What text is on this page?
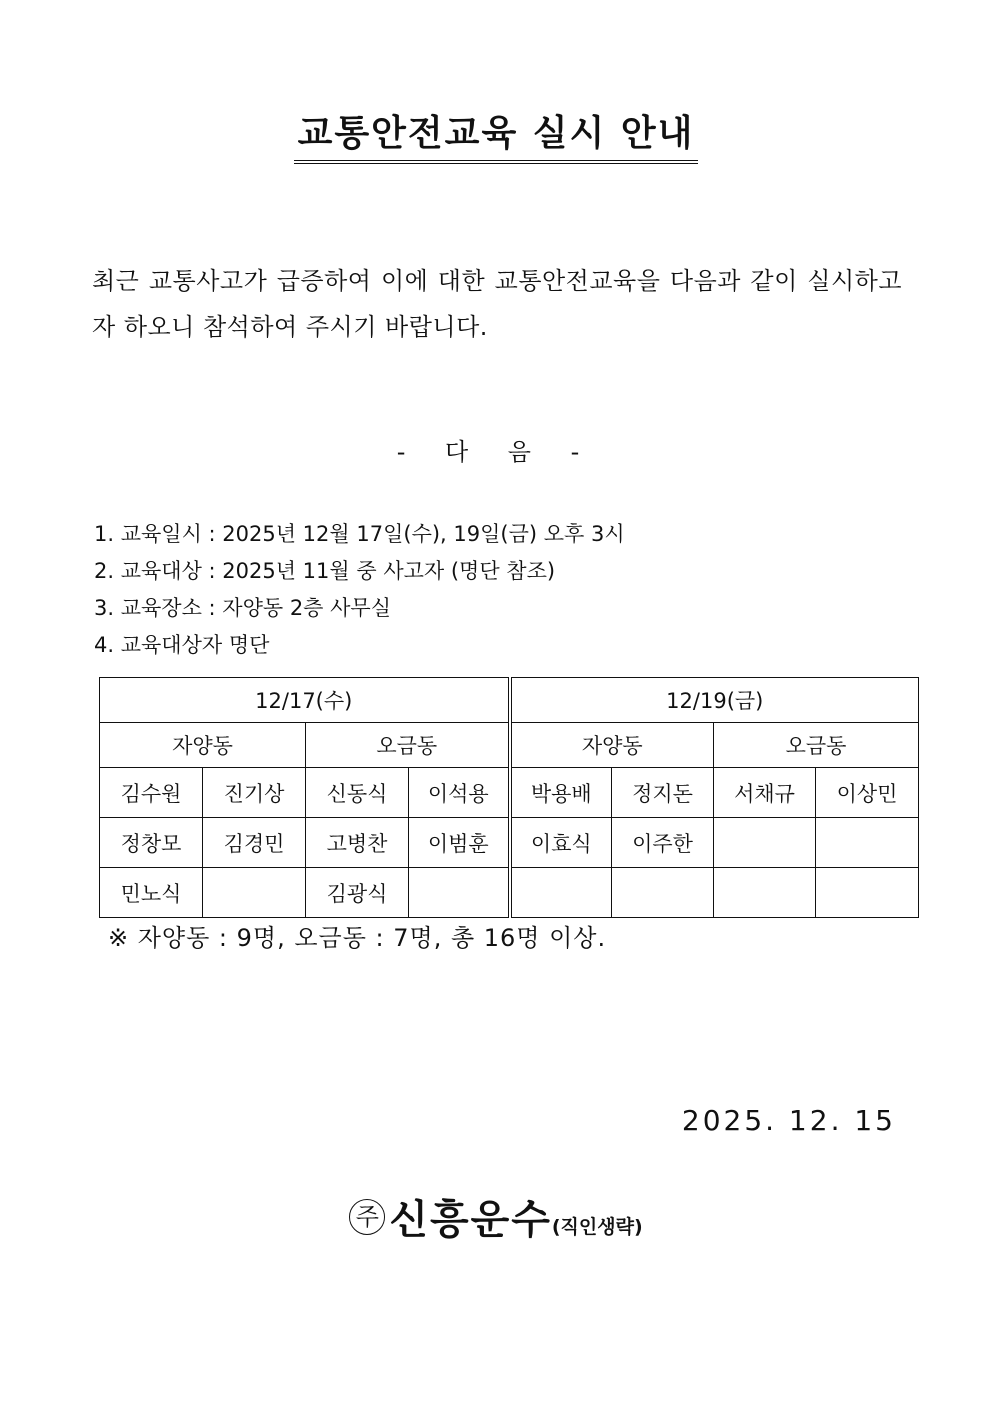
교통안전교육 실시 안내
최근 교통사고가 급증하여 이에 대한 교통안전교육을 다음과 같이 실시하고자 하오니 참석하여 주시기 바랍니다.
- 다 음 -
1. 교육일시 : 2025년 12월 17일(수), 19일(금) 오후 3시
2. 교육대상 : 2025년 11월 중 사고자 (명단 참조)
3. 교육장소 : 자양동 2층 사무실
4. 교육대상자 명단
12/17(수)				12/19(금)			
자양동		오금동		자양동		오금동	
김수원	진기상	신동식	이석용	박용배	정지돈	서채규	이상민
정창모	김경민	고병찬	이범훈	이효식	이주한		
민노식		김광식					
※ 자양동 : 9명, 오금동 : 7명, 총 16명 이상.
2025. 12. 15
주 신흥운수(직인생략)
